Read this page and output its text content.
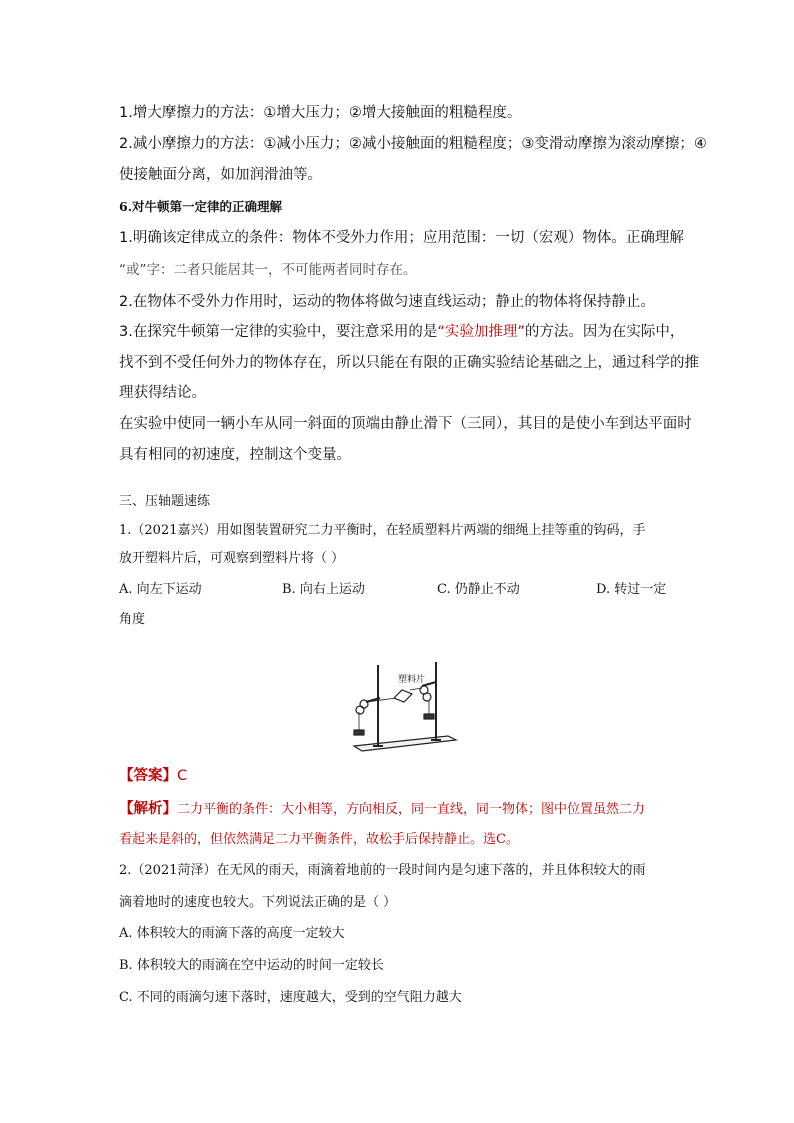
1.增大摩擦力的方法：①增大压力；②增大接触面的粗糙程度。
2.减小摩擦力的方法：①减小压力；②减小接触面的粗糙程度；③变滑动摩擦为滚动摩擦；④
使接触面分离，如加润滑油等。
6.对牛顿第一定律的正确理解
1.明确该定律成立的条件：物体不受外力作用；应用范围：一切（宏观）物体。正确理解
“或”字：二者只能居其一，不可能两者同时存在。
2.在物体不受外力作用时，运动的物体将做匀速直线运动；静止的物体将保持静止。
3.在探究牛顿第一定律的实验中，要注意采用的是“实验加推理”的方法。因为在实际中，
找不到不受任何外力的物体存在，所以只能在有限的正确实验结论基础之上，通过科学的推
理获得结论。
在实验中使同一辆小车从同一斜面的顶端由静止滑下（三同），其目的是使小车到达平面时
具有相同的初速度，控制这个变量。
三、压轴题速练
1.（2021嘉兴）用如图装置研究二力平衡时，在轻质塑料片两端的细绳上挂等重的钩码，手
放开塑料片后，可观察到塑料片将（ ）
A. 向左下运动	B. 向右上运动	C. 仍静止不动	D. 转过一定
角度
塑料片
【答案】C
【解析】二力平衡的条件：大小相等，方向相反，同一直线，同一物体；图中位置虽然二力
看起来是斜的，但依然满足二力平衡条件，故松手后保持静止。选C。
2.（2021菏泽）在无风的雨天，雨滴着地前的一段时间内是匀速下落的，并且体积较大的雨
滴着地时的速度也较大。下列说法正确的是（ ）
A. 体积较大的雨滴下落的高度一定较大
B. 体积较大的雨滴在空中运动的时间一定较长
C. 不同的雨滴匀速下落时，速度越大，受到的空气阻力越大
